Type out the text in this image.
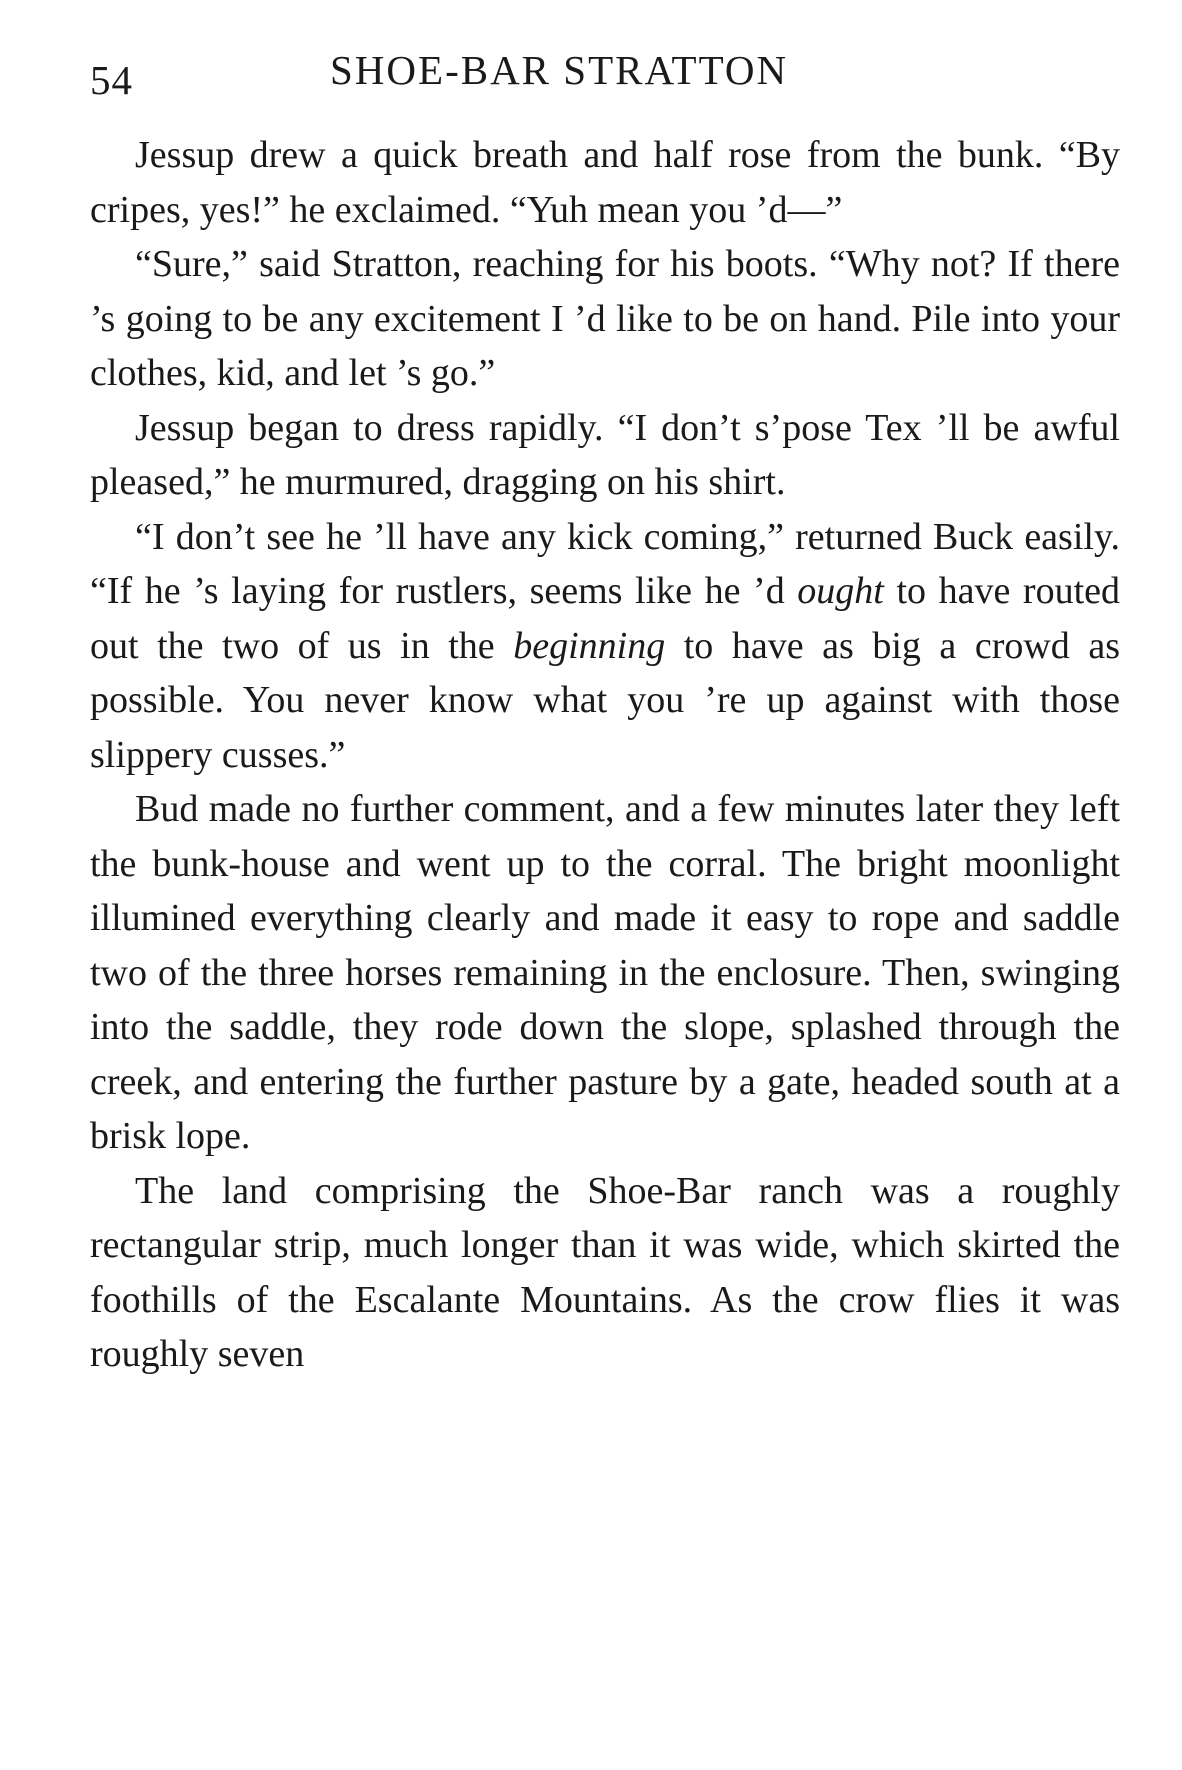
54	SHOE-BAR STRATTON

Jessup drew a quick breath and half rose from the bunk. “By cripes, yes!” he exclaimed. “Yuh mean you ’d—”

“Sure,” said Stratton, reaching for his boots. “Why not? If there ’s going to be any excitement I ’d like to be on hand. Pile into your clothes, kid, and let ’s go.”

Jessup began to dress rapidly. “I don’t s’pose Tex ’ll be awful pleased,” he murmured, dragging on his shirt.

“I don’t see he ’ll have any kick coming,” returned Buck easily. “If he ’s laying for rustlers, seems like he ’d ought to have routed out the two of us in the beginning to have as big a crowd as possible. You never know what you ’re up against with those slippery cusses.”

Bud made no further comment, and a few minutes later they left the bunk-house and went up to the corral. The bright moonlight illumined everything clearly and made it easy to rope and saddle two of the three horses remaining in the enclosure. Then, swinging into the saddle, they rode down the slope, splashed through the creek, and entering the further pasture by a gate, headed south at a brisk lope.

The land comprising the Shoe-Bar ranch was a roughly rectangular strip, much longer than it was wide, which skirted the foothills of the Escalante Mountains. As the crow flies it was roughly seven
